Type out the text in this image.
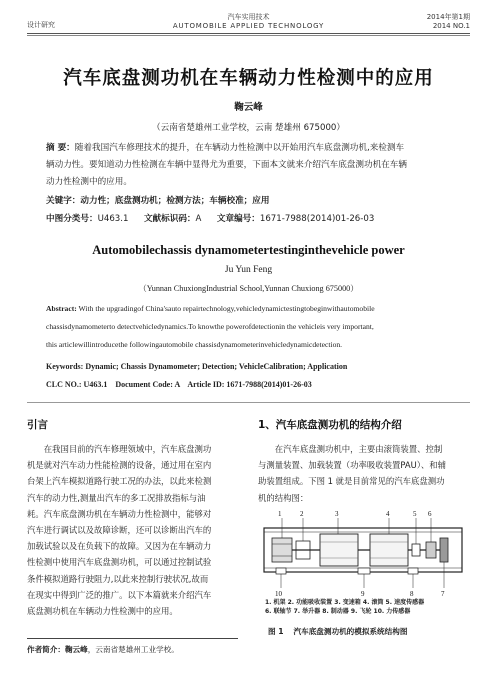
设计研究
汽车实用技术
AUTOMOBILE APPLIED TECHNOLOGY
2014年第1期
2014 NO.1
汽车底盘测功机在车辆动力性检测中的应用
鞠云峰
（云南省楚雄州工业学校，云南 楚雄州 675000）
摘 要：随着我国汽车修理技术的提升，在车辆动力性检测中以开始用汽车底盘测功机,来检测车
辆动力性。要知道动力性检测在车辆中显得尤为重要，下面本文就来介绍汽车底盘测功机在车辆
动力性检测中的应用。
关键字：动力性；底盘测功机；检测方法；车辆校准；应用
中图分类号：U463.1 文献标识码：A 文章编号：1671-7988(2014)01-26-03
Automobilechassis dynamometertestinginthevehicle power
Ju Yun Feng
（Yunnan ChuxiongIndustrial School,Yunnan Chuxiong 675000）
Abstract: With the upgradingof China'sauto repairtechnology,vehicledynamictestingtobeginwithautomobile
chassisdynamometerto detectvehicledynamics.To knowthe powerofdetectionin the vehicleis very important,
this articlewillintroducethe followingautomobile chassisdynamometerinvehicledynamicdetection.
Keywords: Dynamic; Chassis Dynamometer; Detection; VehicleCalibration; Application
CLC NO.: U463.1    Document Code: A    Article ID: 1671-7988(2014)01-26-03
引言
在我国目前的汽车修理领域中，汽车底盘测功
机是就对汽车动力性能检测的设备，通过用在室内
台架上汽车模拟道路行驶工况的办法，以此来检测
汽车的动力性,测量出汽车的多工况排放指标与油
耗。汽车底盘测功机在车辆动力性检测中，能够对
汽车进行调试以及故障诊断，还可以诊断出汽车的
加载试验以及在负载下的故障。又因为在车辆动力
性检测中使用汽车底盘测功机，可以通过控制试验
条件模拟道路行驶阻力,以此来控制行驶状况,故而
在现实中得到广泛的推广。以下本篇就来介绍汽车
底盘测功机在车辆动力性检测中的应用。
作者简介：鞠云峰，云南省楚雄州工业学校。
1、汽车底盘测功机的结构介绍
在汽车底盘测功机中，主要由滚筒装置、控制
与测量装置、加载装置（功率吸收装置PAU）、和辅
助装置组成。下图 1 就是目前常见的汽车底盘测功
机的结构图：
1	2	3	4	5 6
10	9	8	7
1. 机架 2. 功能吸收装置 3. 变速箱 4. 滚筒 5. 速度传感器
6. 联轴节 7. 举升器 8. 制动器 9. 飞轮 10. 力传感器
图 1 汽车底盘测功机的模拟系统结构图
